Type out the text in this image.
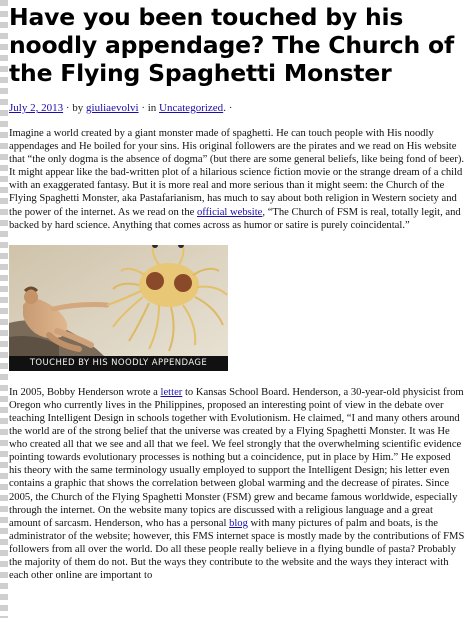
Have you been touched by his noodly appendage? The Church of the Flying Spaghetti Monster
July 2, 2013 · by giuliaevolvi · in Uncategorized. ·

Imagine a world created by a giant monster made of spaghetti. He can touch people with His noodly appendages and He boiled for your sins. His original followers are the pirates and we read on His website that “the only dogma is the absence of dogma” (but there are some general beliefs, like being fond of beer). It might appear like the bad-written plot of a hilarious science fiction movie or the strange dream of a child with an exaggerated fantasy. But it is more real and more serious than it might seem: the Church of the Flying Spaghetti Monster, aka Pastafarianism, has much to say about both religion in Western society and the power of the internet. As we read on the official website, “The Church of FSM is real, totally legit, and backed by hard science. Anything that comes across as humor or satire is purely coincidental.”

TOUCHED BY HIS NOODLY APPENDAGE

In 2005, Bobby Henderson wrote a letter to Kansas School Board. Henderson, a 30-year-old physicist from Oregon who currently lives in the Philippines, proposed an interesting point of view in the debate over teaching Intelligent Design in schools together with Evolutionism. He claimed, “I and many others around the world are of the strong belief that the universe was created by a Flying Spaghetti Monster. It was He who created all that we see and all that we feel. We feel strongly that the overwhelming scientific evidence pointing towards evolutionary processes is nothing but a coincidence, put in place by Him.” He exposed his theory with the same terminology usually employed to support the Intelligent Design; his letter even contains a graphic that shows the correlation between global warming and the decrease of pirates. Since 2005, the Church of the Flying Spaghetti Monster (FSM) grew and became famous worldwide, especially through the internet. On the website many topics are discussed with a religious language and a great amount of sarcasm. Henderson, who has a personal blog with many pictures of palm and boats, is the administrator of the website; however, this FMS internet space is mostly made by the contributions of FMS followers from all over the world. Do all these people really believe in a flying bundle of pasta? Probably the majority of them do not. But the ways they contribute to the website and the ways they interact with each other online are important to
